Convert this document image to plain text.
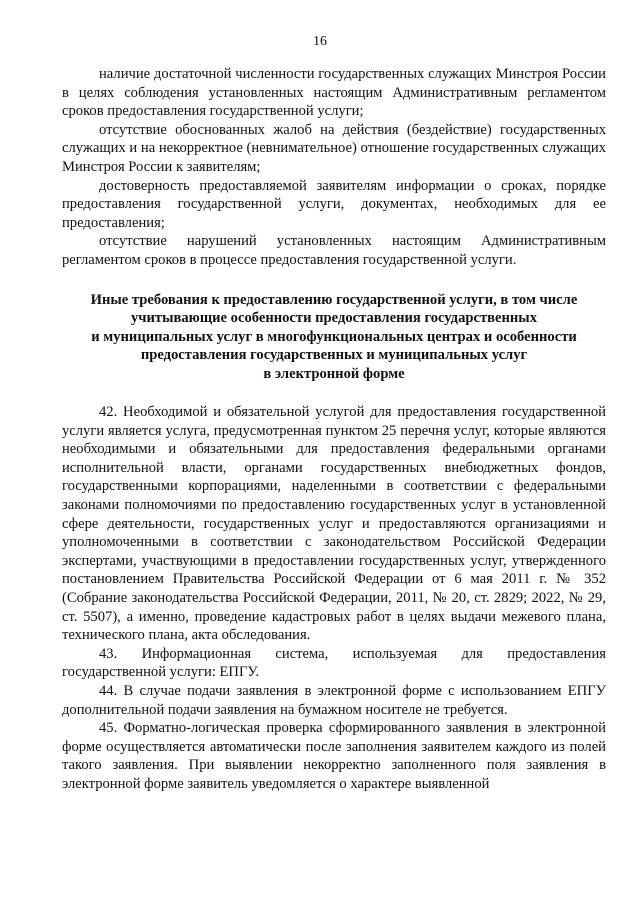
16

наличие достаточной численности государственных служащих Минстроя России в целях соблюдения установленных настоящим Административным регламентом сроков предоставления государственной услуги;

отсутствие обоснованных жалоб на действия (бездействие) государственных служащих и на некорректное (невнимательное) отношение государственных служащих Минстроя России к заявителям;

достоверность предоставляемой заявителям информации о сроках, порядке предоставления государственной услуги, документах, необходимых для ее предоставления;

отсутствие нарушений установленных настоящим Административным регламентом сроков в процессе предоставления государственной услуги.

Иные требования к предоставлению государственной услуги, в том числе
учитывающие особенности предоставления государственных
и муниципальных услуг в многофункциональных центрах и особенности
предоставления государственных и муниципальных услуг
в электронной форме

42. Необходимой и обязательной услугой для предоставления государственной услуги является услуга, предусмотренная пунктом 25 перечня услуг, которые являются необходимыми и обязательными для предоставления федеральными органами исполнительной власти, органами государственных внебюджетных фондов, государственными корпорациями, наделенными в соответствии с федеральными законами полномочиями по предоставлению государственных услуг в установленной сфере деятельности, государственных услуг и предоставляются организациями и уполномоченными в соответствии с законодательством Российской Федерации экспертами, участвующими в предоставлении государственных услуг, утвержденного постановлением Правительства Российской Федерации от 6 мая 2011 г. № 352 (Собрание законодательства Российской Федерации, 2011, № 20, ст. 2829; 2022, № 29, ст. 5507), а именно, проведение кадастровых работ в целях выдачи межевого плана, технического плана, акта обследования.

43. Информационная система, используемая для предоставления государственной услуги: ЕПГУ.

44. В случае подачи заявления в электронной форме с использованием ЕПГУ дополнительной подачи заявления на бумажном носителе не требуется.

45. Форматно-логическая проверка сформированного заявления в электронной форме осуществляется автоматически после заполнения заявителем каждого из полей такого заявления. При выявлении некорректно заполненного поля заявления в электронной форме заявитель уведомляется о характере выявленной
